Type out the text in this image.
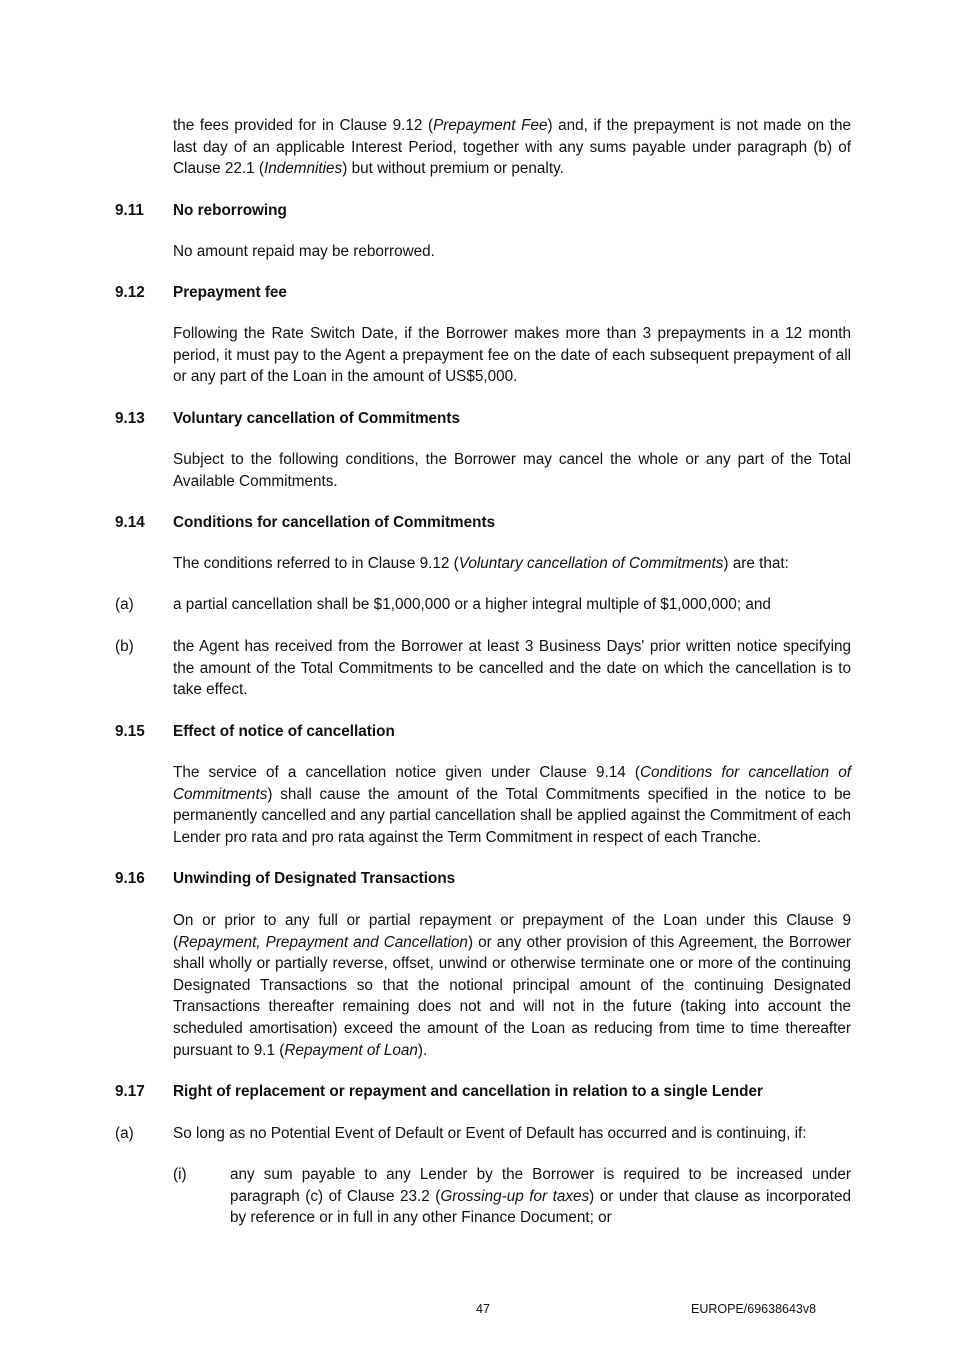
the fees provided for in Clause 9.12 (Prepayment Fee) and, if the prepayment is not made on the last day of an applicable Interest Period, together with any sums payable under paragraph (b) of Clause 22.1 (Indemnities) but without premium or penalty.

9.11 No reborrowing

No amount repaid may be reborrowed.

9.12 Prepayment fee

Following the Rate Switch Date, if the Borrower makes more than 3 prepayments in a 12 month period, it must pay to the Agent a prepayment fee on the date of each subsequent prepayment of all or any part of the Loan in the amount of US$5,000.

9.13 Voluntary cancellation of Commitments

Subject to the following conditions, the Borrower may cancel the whole or any part of the Total Available Commitments.

9.14 Conditions for cancellation of Commitments

The conditions referred to in Clause 9.12 (Voluntary cancellation of Commitments) are that:

(a)	a partial cancellation shall be $1,000,000 or a higher integral multiple of $1,000,000; and

(b)	the Agent has received from the Borrower at least 3 Business Days' prior written notice specifying the amount of the Total Commitments to be cancelled and the date on which the cancellation is to take effect.

9.15 Effect of notice of cancellation

The service of a cancellation notice given under Clause 9.14 (Conditions for cancellation of Commitments) shall cause the amount of the Total Commitments specified in the notice to be permanently cancelled and any partial cancellation shall be applied against the Commitment of each Lender pro rata and pro rata against the Term Commitment in respect of each Tranche.

9.16 Unwinding of Designated Transactions

On or prior to any full or partial repayment or prepayment of the Loan under this Clause 9 (Repayment, Prepayment and Cancellation) or any other provision of this Agreement, the Borrower shall wholly or partially reverse, offset, unwind or otherwise terminate one or more of the continuing Designated Transactions so that the notional principal amount of the continuing Designated Transactions thereafter remaining does not and will not in the future (taking into account the scheduled amortisation) exceed the amount of the Loan as reducing from time to time thereafter pursuant to 9.1 (Repayment of Loan).

9.17 Right of replacement or repayment and cancellation in relation to a single Lender
(a)	So long as no Potential Event of Default or Event of Default has occurred and is continuing, if:

(i)	any sum payable to any Lender by the Borrower is required to be increased under paragraph (c) of Clause 23.2 (Grossing-up for taxes) or under that clause as incorporated by reference or in full in any other Finance Document; or

47	EUROPE/69638643v8
